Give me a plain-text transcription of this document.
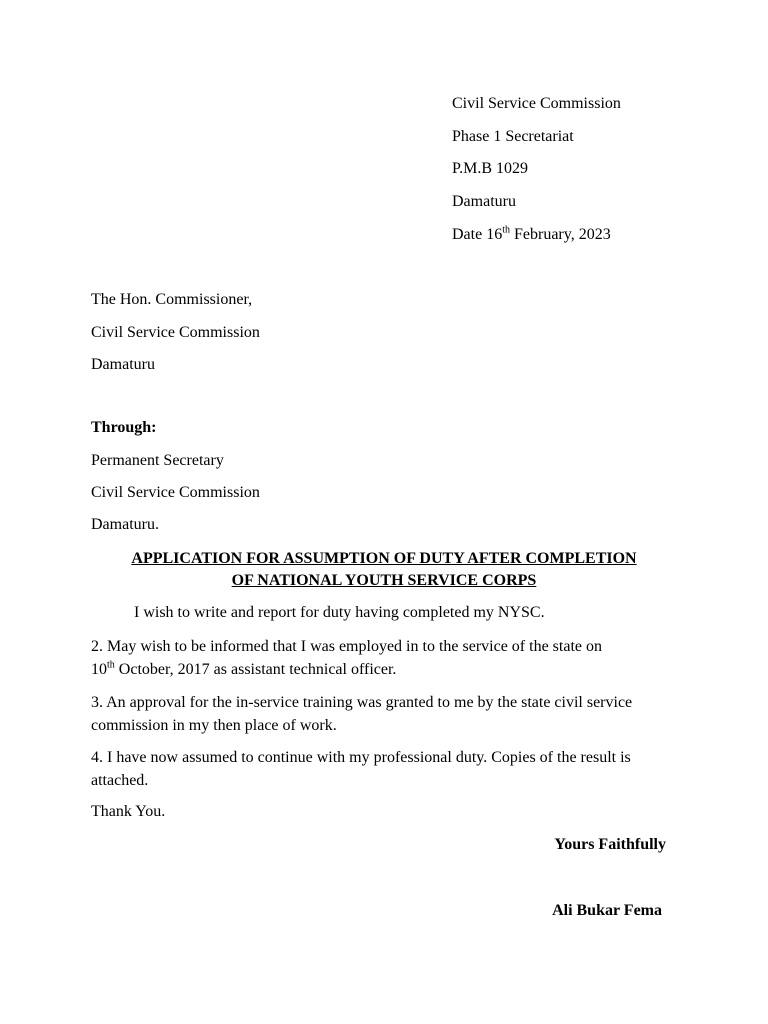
Civil Service Commission
Phase 1 Secretariat
P.M.B 1029
Damaturu
Date 16th February, 2023
The Hon. Commissioner,
Civil Service Commission
Damaturu
Through:
Permanent Secretary
Civil Service Commission
Damaturu.
APPLICATION FOR ASSUMPTION OF DUTY AFTER COMPLETION
OF NATIONAL YOUTH SERVICE CORPS
I wish to write and report for duty having completed my NYSC.
2. May wish to be informed that I was employed in to the service of the state on
10th October, 2017 as assistant technical officer.
3. An approval for the in-service training was granted to me by the state civil service commission in my then place of work.
4. I have now assumed to continue with my professional duty. Copies of the result is attached.
Thank You.
Yours Faithfully
Ali Bukar Fema
